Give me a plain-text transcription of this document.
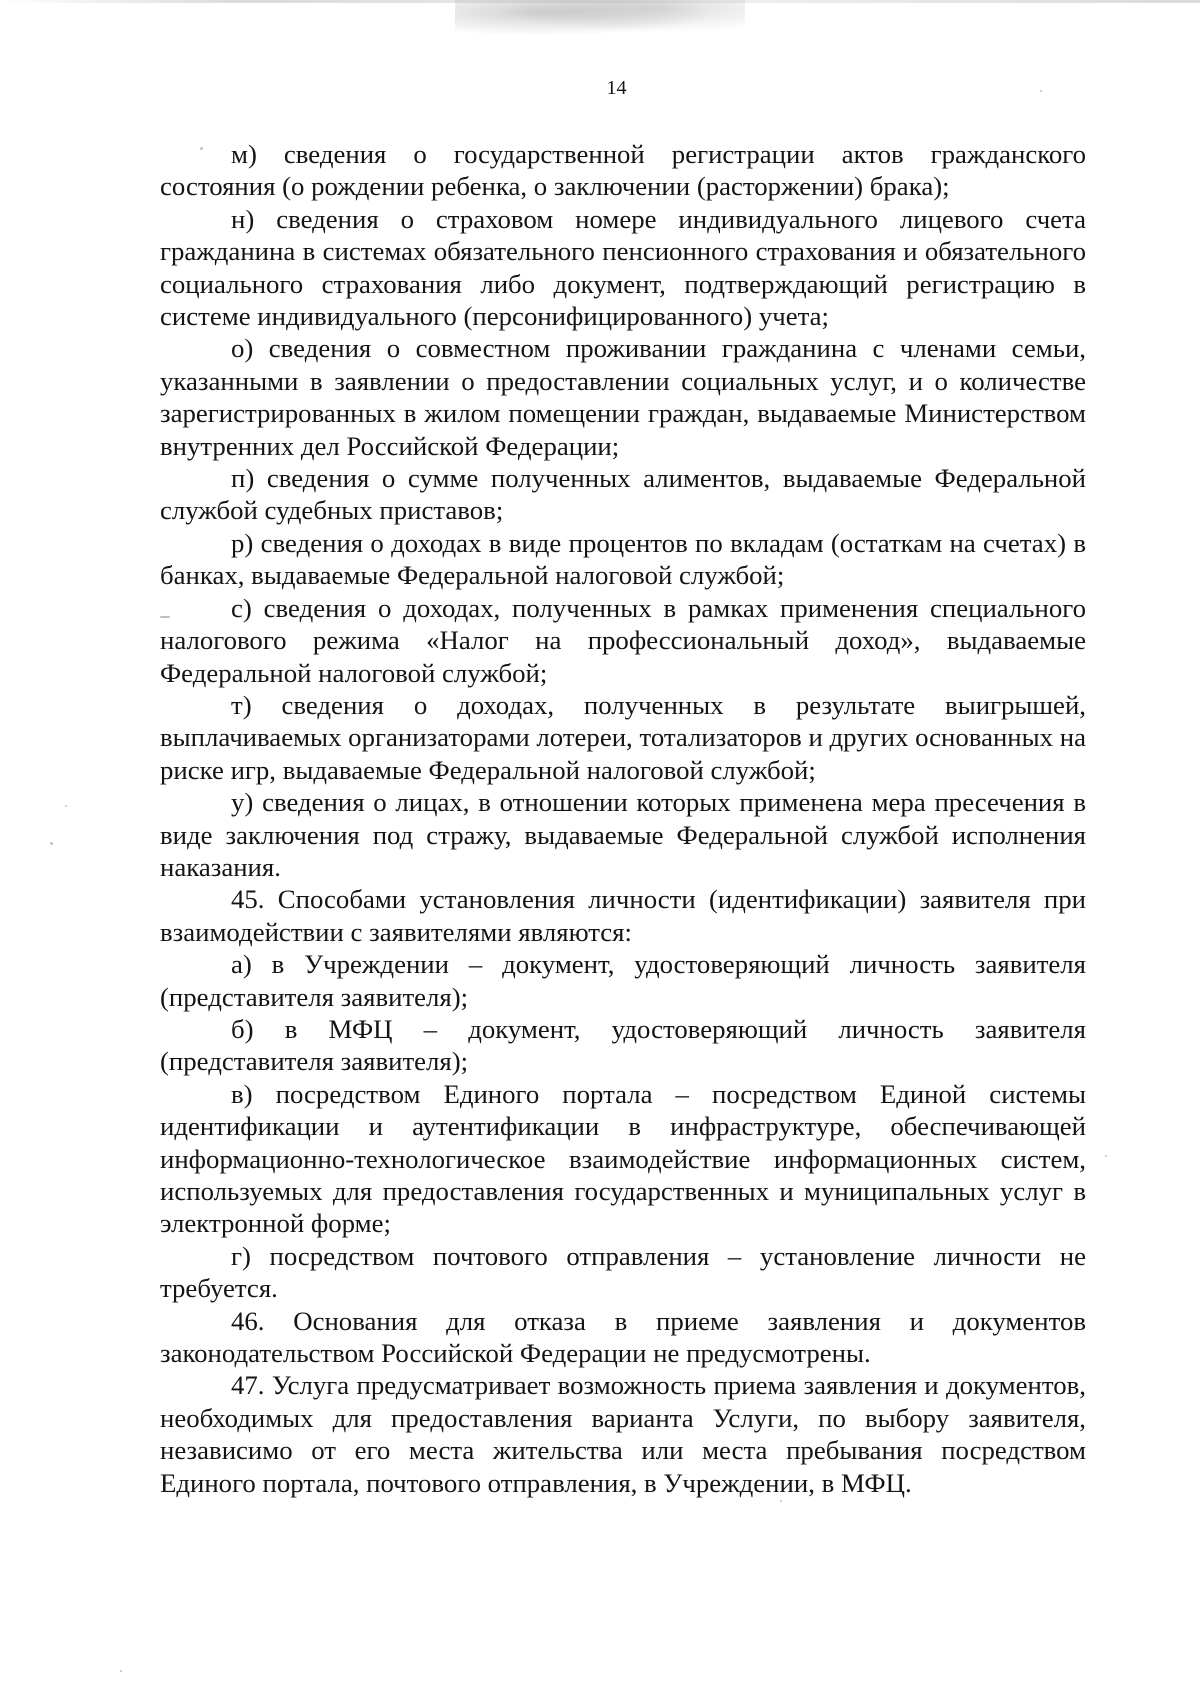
14

м) сведения о государственной регистрации актов гражданского состояния (о рождении ребенка, о заключении (расторжении) брака);

н) сведения о страховом номере индивидуального лицевого счета гражданина в системах обязательного пенсионного страхования и обязательного социального страхования либо документ, подтверждающий регистрацию в системе индивидуального (персонифицированного) учета;

о) сведения о совместном проживании гражданина с членами семьи, указанными в заявлении о предоставлении социальных услуг, и о количестве зарегистрированных в жилом помещении граждан, выдаваемые Министерством внутренних дел Российской Федерации;

п) сведения о сумме полученных алиментов, выдаваемые Федеральной службой судебных приставов;

р) сведения о доходах в виде процентов по вкладам (остаткам на счетах) в банках, выдаваемые Федеральной налоговой службой;

с) сведения о доходах, полученных в рамках применения специального налогового режима «Налог на профессиональный доход», выдаваемые Федеральной налоговой службой;

т) сведения о доходах, полученных в результате выигрышей, выплачиваемых организаторами лотереи, тотализаторов и других основанных на риске игр, выдаваемые Федеральной налоговой службой;

у) сведения о лицах, в отношении которых применена мера пресечения в виде заключения под стражу, выдаваемые Федеральной службой исполнения наказания.

45. Способами установления личности (идентификации) заявителя при взаимодействии с заявителями являются:

а) в Учреждении – документ, удостоверяющий личность заявителя (представителя заявителя);

б) в МФЦ – документ, удостоверяющий личность заявителя (представителя заявителя);

в) посредством Единого портала – посредством Единой системы идентификации и аутентификации в инфраструктуре, обеспечивающей информационно-технологическое взаимодействие информационных систем, используемых для предоставления государственных и муниципальных услуг в электронной форме;

г) посредством почтового отправления – установление личности не требуется.

46. Основания для отказа в приеме заявления и документов законодательством Российской Федерации не предусмотрены.

47. Услуга предусматривает возможность приема заявления и документов, необходимых для предоставления варианта Услуги, по выбору заявителя, независимо от его места жительства или места пребывания посредством Единого портала, почтового отправления, в Учреждении, в МФЦ.
